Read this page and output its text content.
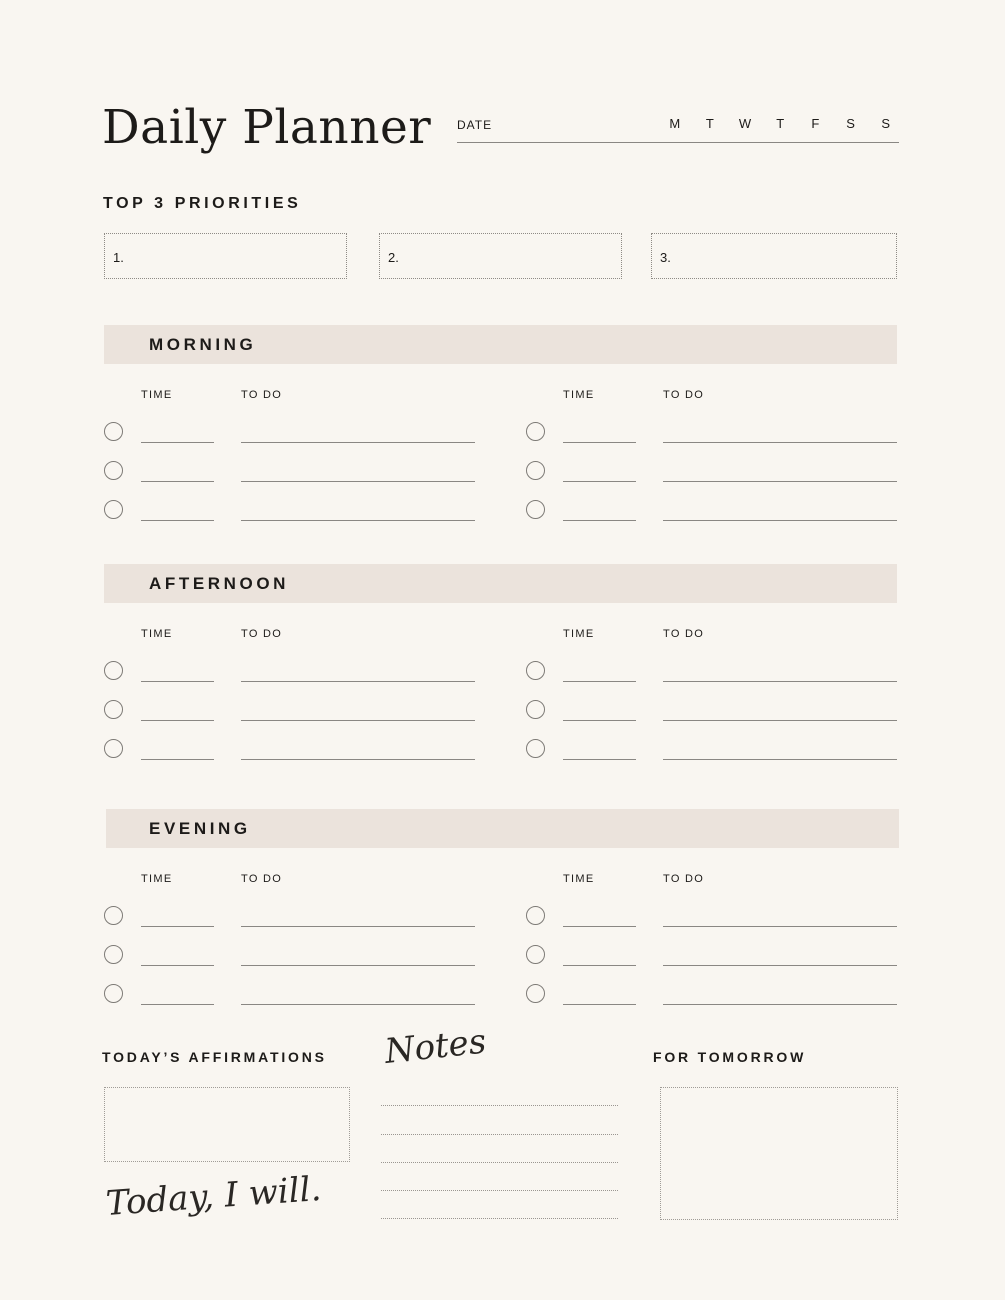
Daily Planner DATE	M T W T F S S
TOP 3 PRIORITIES
1.	2.	3.
MORNING
AFTERNOON
EVENING
TIME	TO DO	TIME	TO DO
TIME	TO DO	TIME	TO DO
TIME	TO DO	TIME	TO DO
TODAY’S AFFIRMATIONS
Today, I will.
Notes	FOR TOMORROW
